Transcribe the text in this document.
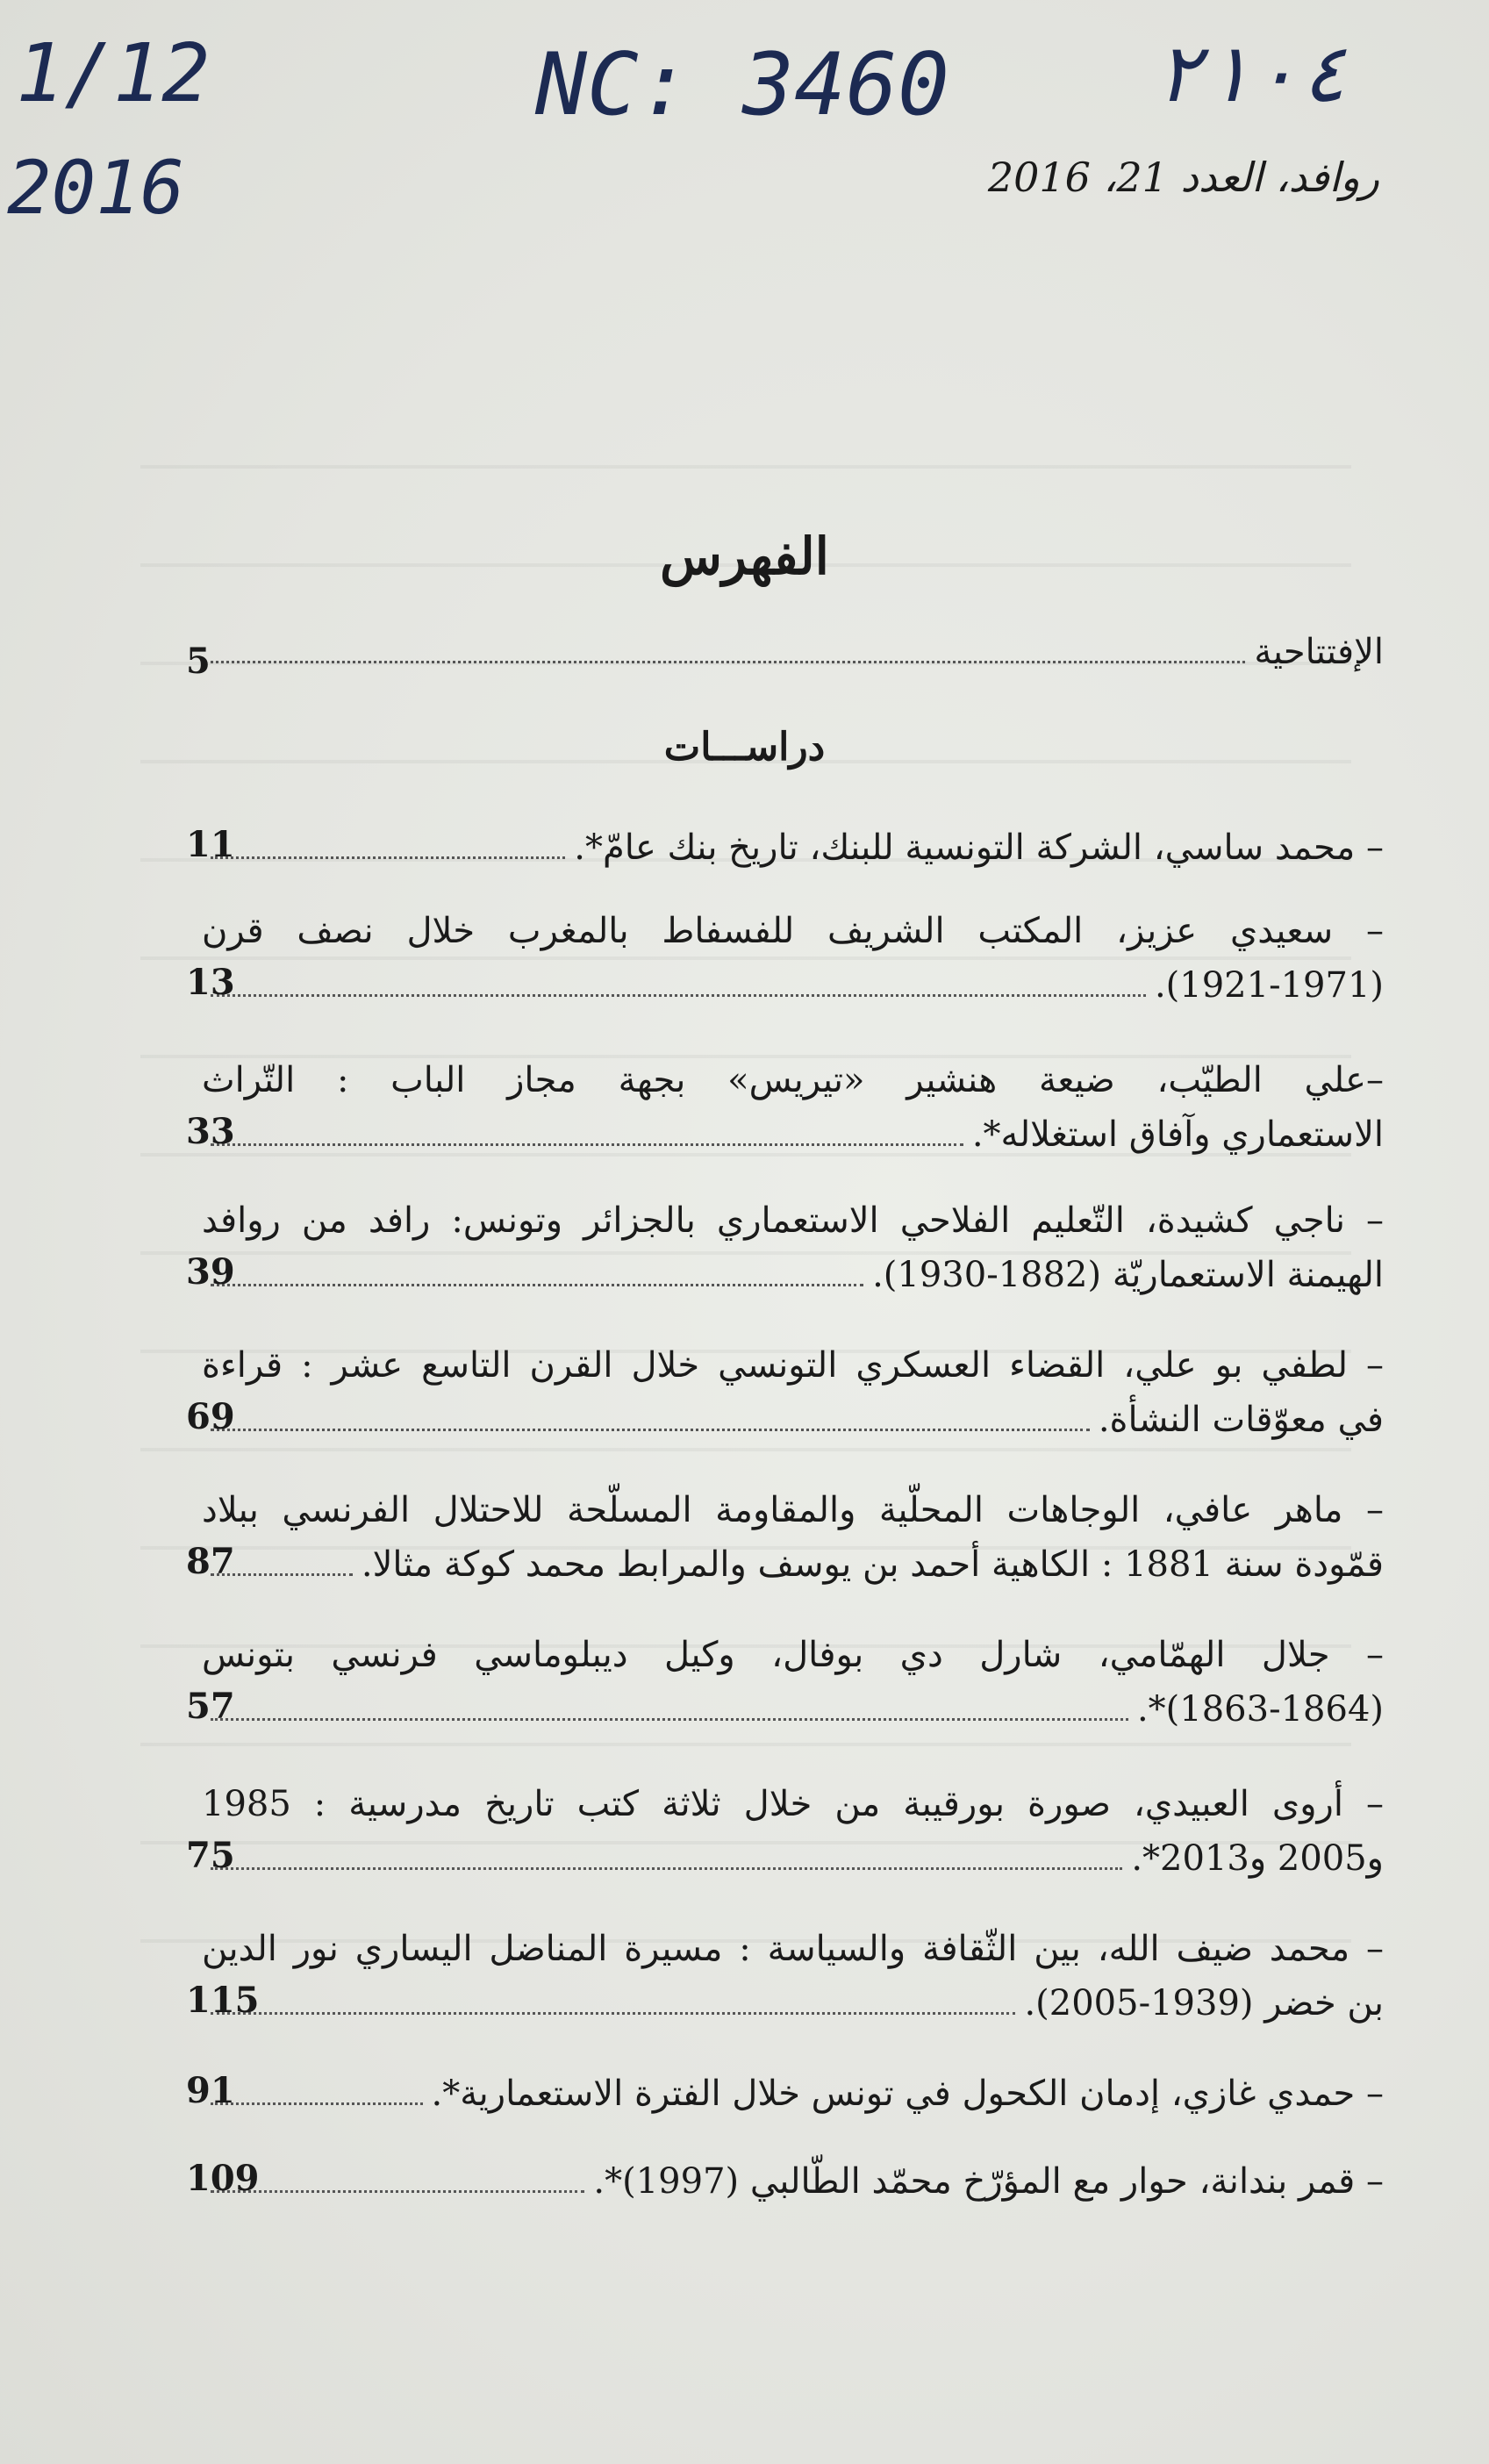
1/12
2016
NC: 3460	٢١٠٤
روافد، العدد 21، 2016
الفهرس
الإفتتاحية
5
دراســـات
– محمد ساسي، الشركة التونسية للبنك، تاريخ بنك عامّ*.
11
– سعيدي عزيز، المكتب الشريف للفسفاط بالمغرب خلال نصف قرن
(1921-1971).
13
–علي الطيّب، ضيعة هنشير «تيريس» بجهة مجاز الباب : التّراث
الاستعماري وآفاق استغلاله*.
33
– ناجي كشيدة، التّعليم الفلاحي الاستعماري بالجزائر وتونس: رافد من روافد
الهيمنة الاستعماريّة (1882-1930).
39
– لطفي بو علي، القضاء العسكري التونسي خلال القرن التاسع عشر : قراءة
في معوّقات النشأة.
69
– ماهر عافي، الوجاهات المحلّية والمقاومة المسلّحة للاحتلال الفرنسي ببلاد
قمّودة سنة 1881 : الكاهية أحمد بن يوسف والمرابط محمد كوكة مثالا.
87
– جلال الهمّامي، شارل دي بوفال، وكيل ديبلوماسي فرنسي بتونس
(1863-1864)*.
57
– أروى العبيدي، صورة بورقيبة من خلال ثلاثة كتب تاريخ مدرسية : 1985
و2005 و2013*.
75
– محمد ضيف الله، بين الثّقافة والسياسة : مسيرة المناضل اليساري نور الدين
بن خضر (1939-2005).
115
– حمدي غازي، إدمان الكحول في تونس خلال الفترة الاستعمارية*.
91
– قمر بندانة، حوار مع المؤرّخ محمّد الطّالبي (1997)*.
109
